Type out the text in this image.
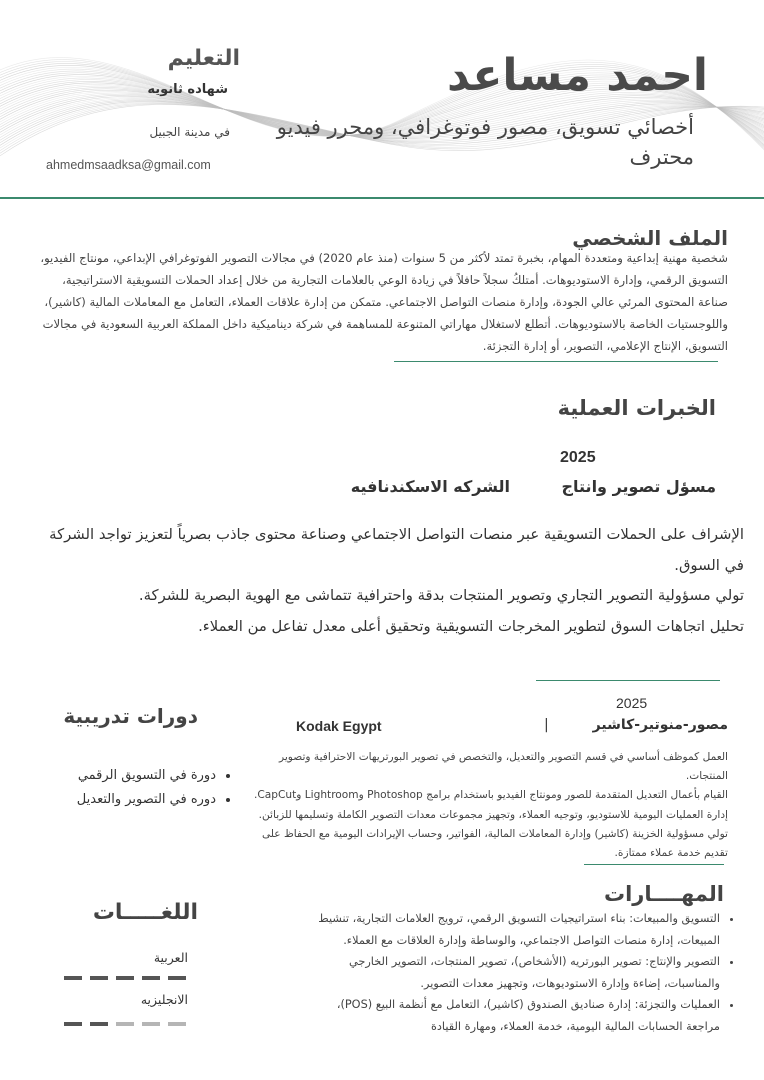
احمد مساعد
أخصائي تسويق، مصور فوتوغرافي، ومحرر فيديو محترف
التعليم
شهاده ثانويه
في مدينة الجبيل
ahmedmsaadksa@gmail.com
الملف الشخصي
شخصية مهنية إبداعية ومتعددة المهام، بخبرة تمتد لأكثر من 5 سنوات (منذ عام 2020) في مجالات التصوير الفوتوغرافي الإبداعي، مونتاج الفيديو، التسويق الرقمي، وإدارة الاستوديوهات. أمتلكُ سجلاً حافلاً في زيادة الوعي بالعلامات التجارية من خلال إعداد الحملات التسويقية الاستراتيجية، صناعة المحتوى المرئي عالي الجودة، وإدارة منصات التواصل الاجتماعي. متمكن من إدارة علاقات العملاء، التعامل مع المعاملات المالية (كاشير)، واللوجستيات الخاصة بالاستوديوهات. أتطلع لاستغلال مهاراتي المتنوعة للمساهمة في شركة ديناميكية داخل المملكة العربية السعودية في مجالات التسويق، الإنتاج الإعلامي، التصوير، أو إدارة التجزئة.
الخبرات العملية
2025
مسؤل تصوير وانتاج
الشركه الاسكندنافيه
الإشراف على الحملات التسويقية عبر منصات التواصل الاجتماعي وصناعة محتوى جاذب بصرياً لتعزيز تواجد الشركة في السوق.
تولي مسؤولية التصوير التجاري وتصوير المنتجات بدقة واحترافية تتماشى مع الهوية البصرية للشركة.
تحليل اتجاهات السوق لتطوير المخرجات التسويقية وتحقيق أعلى معدل تفاعل من العملاء.
2025
مصور-منوتير-كاشير
|
Kodak Egypt
العمل كموظف أساسي في قسم التصوير والتعديل، والتخصص في تصوير البورتريهات الاحترافية وتصوير المنتجات.
القيام بأعمال التعديل المتقدمة للصور ومونتاج الفيديو باستخدام برامج Photoshop وLightroom وCapCut.
إدارة العمليات اليومية للاستوديو، وتوجيه العملاء، وتجهيز مجموعات معدات التصوير الكاملة وتسليمها للزبائن.
تولي مسؤولية الخزينة (كاشير) وإدارة المعاملات المالية، الفواتير، وحساب الإيرادات اليومية مع الحفاظ على تقديم خدمة عملاء ممتازة.
دورات تدريبية
• دورة في التسويق الرقمي
• دوره في التصوير والتعديل
المهــــارات
• التسويق والمبيعات: بناء استراتيجيات التسويق الرقمي، ترويج العلامات التجارية، تنشيط المبيعات، إدارة منصات التواصل الاجتماعي، والوساطة وإدارة العلاقات مع العملاء.
• التصوير والإنتاج: تصوير البورتريه (الأشخاص)، تصوير المنتجات، التصوير الخارجي والمناسبات، إضاءة وإدارة الاستوديوهات، وتجهيز معدات التصوير.
• العمليات والتجزئة: إدارة صناديق الصندوق (كاشير)، التعامل مع أنظمة البيع (POS)، مراجعة الحسابات المالية اليومية، خدمة العملاء، ومهارة القيادة
اللغـــــات
العربية
الانجليزيه
